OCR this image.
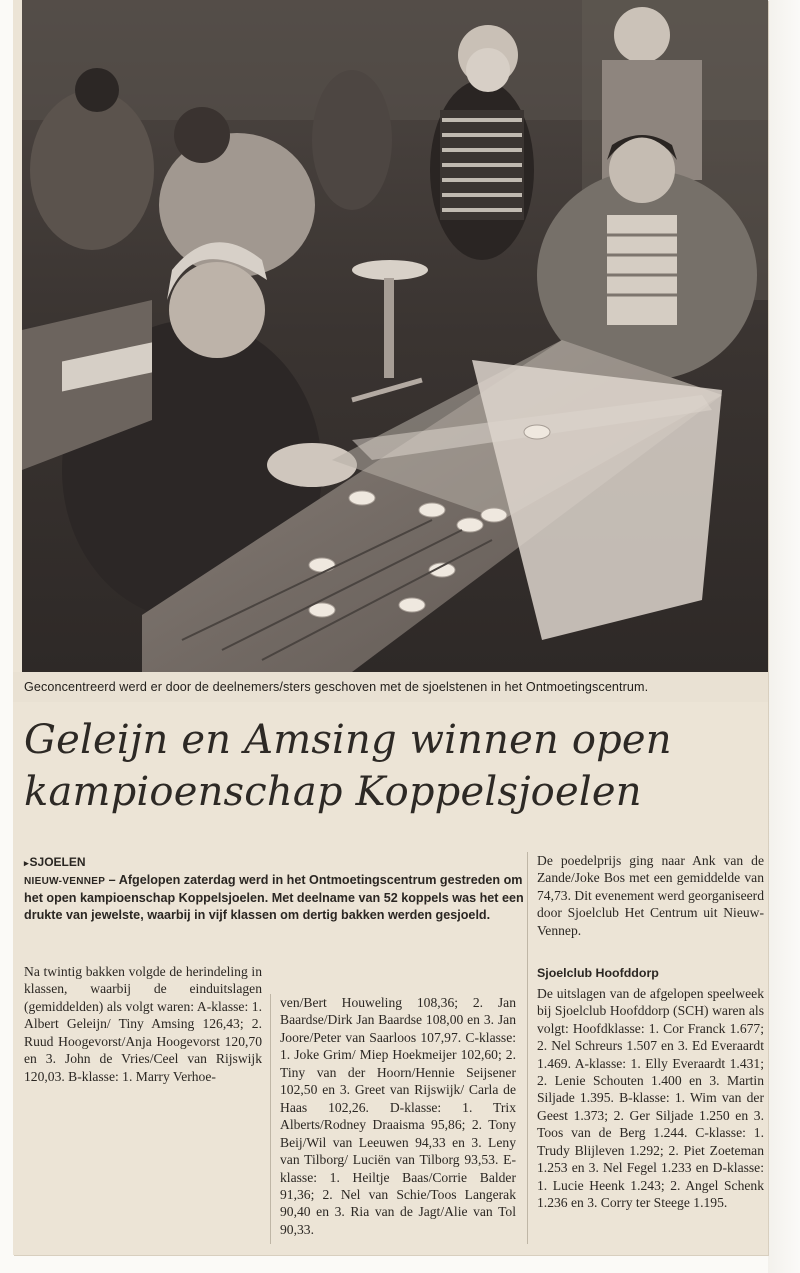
Geconcentreerd werd er door de deelnemers/sters geschoven met de sjoelstenen in het Ontmoetingscentrum.
Geleijn en Amsing winnen open
kampioenschap Koppelsjoelen
▸SJOELEN
NIEUW-VENNEP – Afgelopen zaterdag werd in het Ontmoetingscentrum gestreden om het open kampioenschap Koppelsjoelen. Met deelname van 52 koppels was het een drukte van jewelste, waarbij in vijf klassen om dertig bakken werden gesjoeld.

Na twintig bakken volgde de herindeling in klassen, waarbij de einduitslagen (gemiddelden) als volgt waren: A-klasse: 1. Albert Geleijn/ Tiny Amsing 126,43; 2. Ruud Hoogevorst/Anja Hoogevorst 120,70 en 3. John de Vries/Ceel van Rijswijk 120,03. B-klasse: 1. Marry Verhoe-

ven/Bert Houweling 108,36; 2. Jan Baardse/Dirk Jan Baardse 108,00 en 3. Jan Joore/Peter van Saarloos 107,97. C-klasse: 1. Joke Grim/ Miep Hoekmeijer 102,60; 2. Tiny van der Hoorn/Hennie Seijsener 102,50 en 3. Greet van Rijswijk/ Carla de Haas 102,26. D-klasse: 1. Trix Alberts/Rodney Draaisma 95,86; 2. Tony Beij/Wil van Leeuwen 94,33 en 3. Leny van Tilborg/ Luciën van Tilborg 93,53. E-klasse: 1. Heiltje Baas/Corrie Balder 91,36; 2. Nel van Schie/Toos Langerak 90,40 en 3. Ria van de Jagt/Alie van Tol 90,33.

De poedelprijs ging naar Ank van de Zande/Joke Bos met een gemiddelde van 74,73. Dit evenement werd georganiseerd door Sjoelclub Het Centrum uit Nieuw-Vennep.

Sjoelclub Hoofddorp

De uitslagen van de afgelopen speelweek bij Sjoelclub Hoofddorp (SCH) waren als volgt: Hoofdklasse: 1. Cor Franck 1.677; 2. Nel Schreurs 1.507 en 3. Ed Everaardt 1.469. A-klasse: 1. Elly Everaardt 1.431; 2. Lenie Schouten 1.400 en 3. Martin Siljade 1.395. B-klasse: 1. Wim van der Geest 1.373; 2. Ger Siljade 1.250 en 3. Toos van de Berg 1.244. C-klasse: 1. Trudy Blijleven 1.292; 2. Piet Zoeteman 1.253 en 3. Nel Fegel 1.233 en D-klasse: 1. Lucie Heenk 1.243; 2. Angel Schenk 1.236 en 3. Corry ter Steege 1.195.
